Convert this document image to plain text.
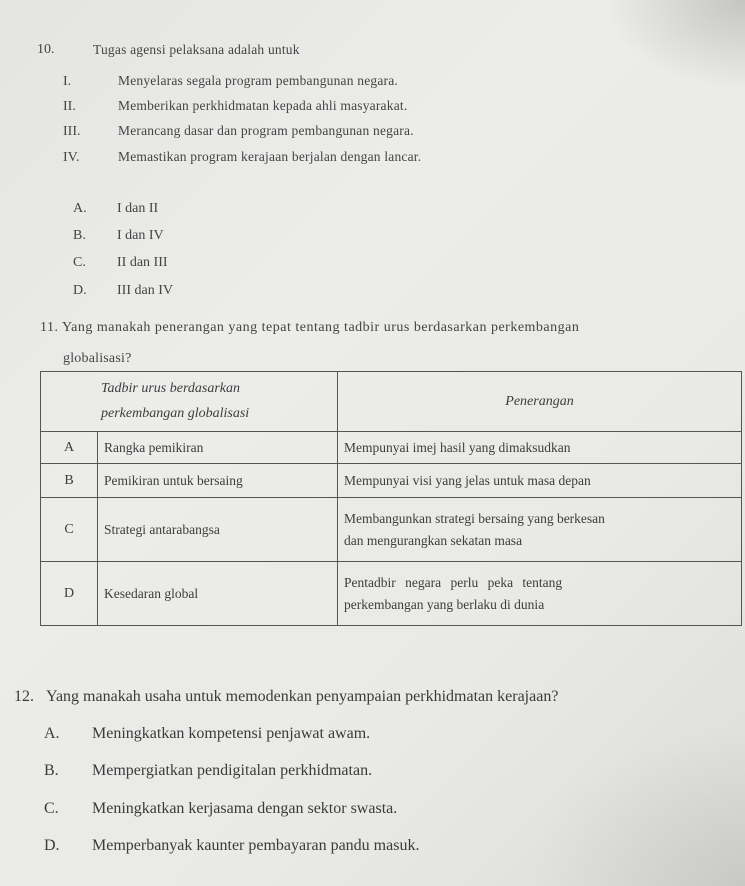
10.	Tugas agensi pelaksana adalah untuk
I.	Menyelaras segala program pembangunan negara.
II.	Memberikan perkhidmatan kepada ahli masyarakat.
III.	Merancang dasar dan program pembangunan negara.
IV.	Memastikan program kerajaan berjalan dengan lancar.
A. I dan II
B. I dan IV
C. II dan III
D. III dan IV
11. Yang manakah penerangan yang tepat tentang tadbir urus berdasarkan perkembangan
globalisasi?
Tadbir urus berdasarkan
perkembangan globalisasi		Penerangan
A	Rangka pemikiran	Mempunyai imej hasil yang dimaksudkan
B	Pemikiran untuk bersaing	Mempunyai visi yang jelas untuk masa depan
C	Strategi antarabangsa	Membangunkan strategi bersaing yang berkesan
dan mengurangkan sekatan masa

D	Kesedaran global	Pentadbir negara perlu peka tentang
perkembangan yang berlaku di dunia
12. Yang manakah usaha untuk memodenkan penyampaian perkhidmatan kerajaan?
A. Meningkatkan kompetensi penjawat awam.
B. Mempergiatkan pendigitalan perkhidmatan.
C. Meningkatkan kerjasama dengan sektor swasta.
D. Memperbanyak kaunter pembayaran pandu masuk.
